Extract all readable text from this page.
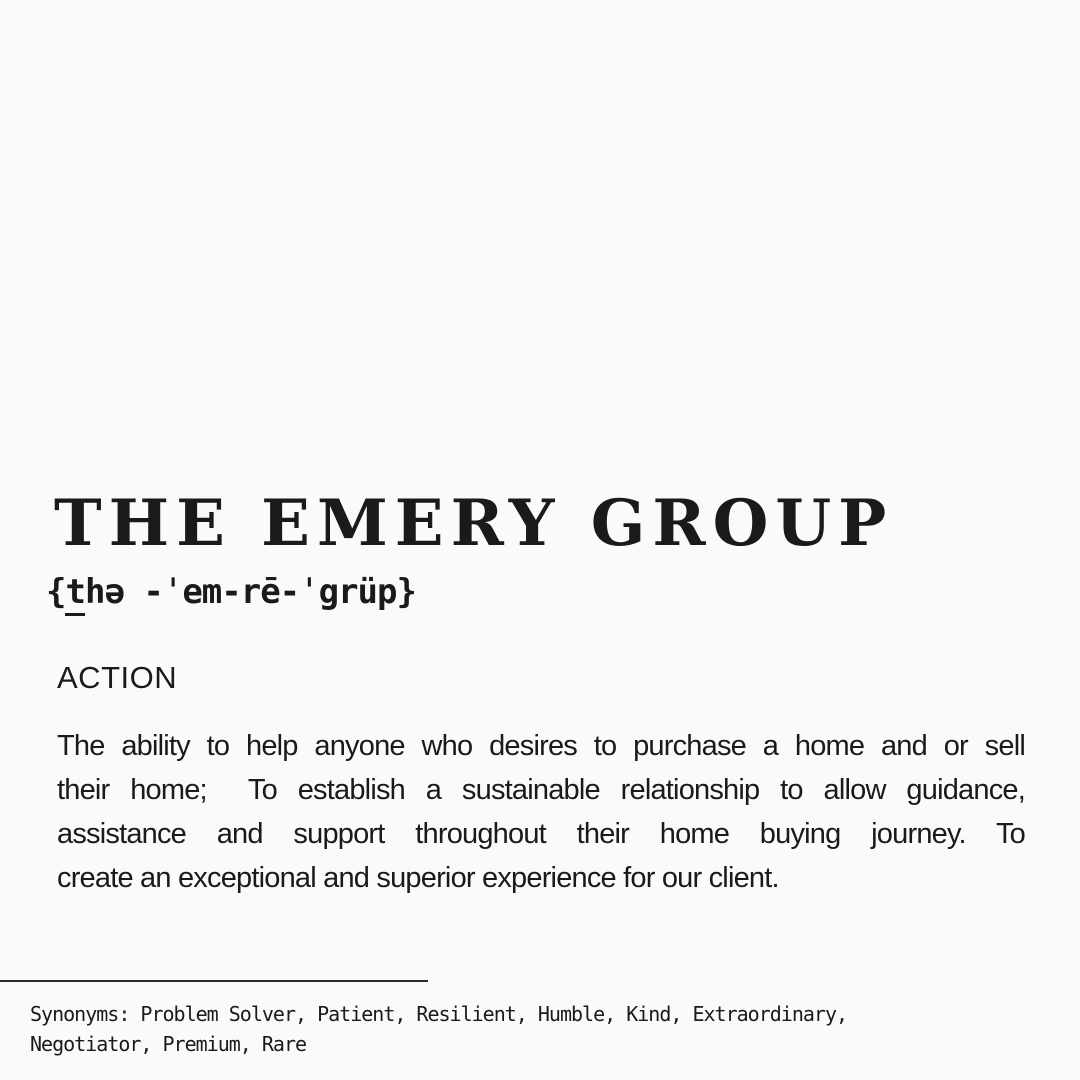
THE EMERY GROUP
{thə -ˈem-rē-ˈgrüp}
ACTION
The ability to help anyone who desires to purchase a home and or sell
their home;  To establish a sustainable relationship to allow guidance,
assistance and support throughout their home buying journey. To
create an exceptional and superior experience for our client.
Synonyms: Problem Solver, Patient, Resilient, Humble, Kind, Extraordinary,
Negotiator, Premium, Rare
